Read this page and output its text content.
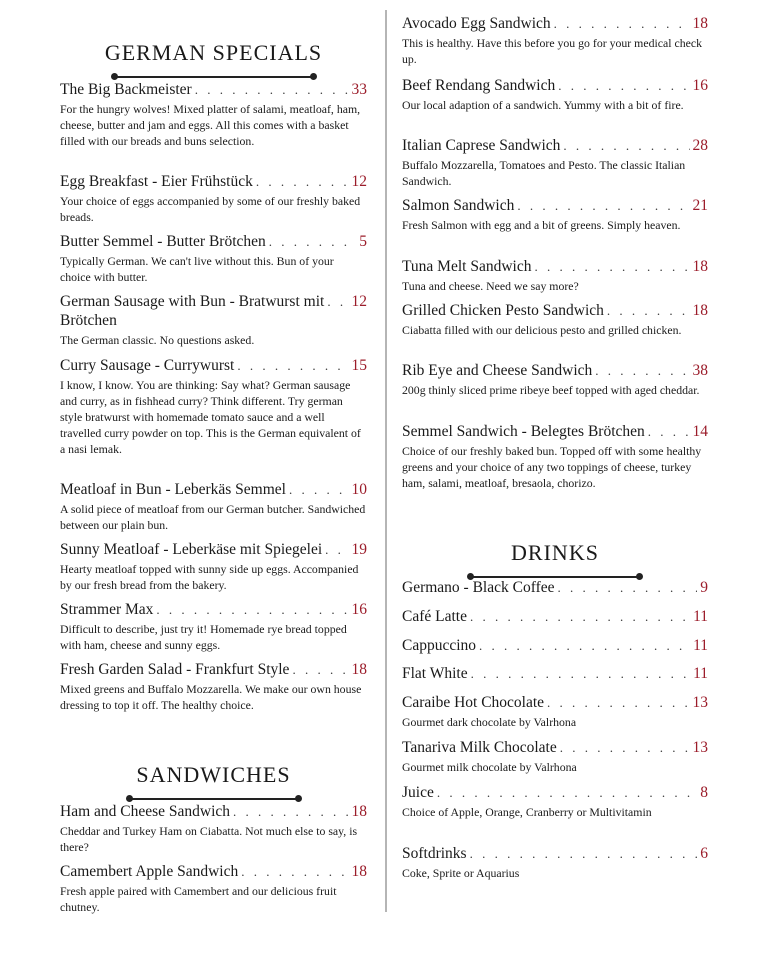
GERMAN SPECIALS
The Big Backmeister . . .	33
For the hungry wolves! Mixed platter of salami, meatloaf, ham, cheese, butter and jam and eggs. All this comes with a basket filled with our breads and buns selection.
Egg Breakfast - Eier Frühstück . . .	12
Your choice of eggs accompanied by some of our freshly baked breads.
Butter Semmel - Butter Brötchen . . .	5
Typically German. We can't live without this. Bun of your choice with butter.
German Sausage with Bun - Bratwurst mit . . . 12
Brötchen
The German classic. No questions asked.
Curry Sausage - Currywurst . . .	15
I know, I know. You are thinking: Say what? German sausage and curry, as in fishhead curry? Think different. Try german style bratwurst with homemade tomato sauce and a well travelled curry powder on top. This is the German equivalent of a nasi lemak.
Meatloaf in Bun - Leberkäs Semmel . . .	10
A solid piece of meatloaf from our German butcher. Sandwiched between our plain bun.
Sunny Meatloaf - Leberkäse mit Spiegelei . . . 19
Hearty meatloaf topped with sunny side up eggs. Accompanied by our fresh bread from the bakery.
Strammer Max . . .	16
Difficult to describe, just try it! Homemade rye bread topped with ham, cheese and sunny eggs.
Fresh Garden Salad - Frankfurt Style . . .	18
Mixed greens and Buffalo Mozzarella. We make our own house dressing to top it off. The healthy choice.
SANDWICHES
Ham and Cheese Sandwich . . .	18
Cheddar and Turkey Ham on Ciabatta. Not much else to say, is there?
Camembert Apple Sandwich . . .	18
Fresh apple paired with Camembert and our delicious fruit chutney.
Avocado Egg Sandwich . . .	18
This is healthy. Have this before you go for your medical check up.
Beef Rendang Sandwich . . .	16
Our local adaption of a sandwich. Yummy with a bit of fire.
Italian Caprese Sandwich . . .	28
Buffalo Mozzarella, Tomatoes and Pesto. The classic Italian Sandwich.
Salmon Sandwich . . .	21
Fresh Salmon with egg and a bit of greens. Simply heaven.
Tuna Melt Sandwich . . .	18
Tuna and cheese. Need we say more?
Grilled Chicken Pesto Sandwich . . .	18
Ciabatta filled with our delicious pesto and grilled chicken.
Rib Eye and Cheese Sandwich . . .	38
200g thinly sliced prime ribeye beef topped with aged cheddar.
Semmel Sandwich - Belegtes Brötchen . . .	14
Choice of our freshly baked bun. Topped off with some healthy greens and your choice of any two toppings of cheese, turkey ham, salami, meatloaf, bresaola, chorizo.
DRINKS
Germano - Black Coffee . . .	9
Café Latte . . .	11
Cappuccino . . .	11
Flat White . . .	11
Caraibe Hot Chocolate . . .	13
Gourmet dark chocolate by Valrhona
Tanariva Milk Chocolate . . .	13
Gourmet milk chocolate by Valrhona
Juice . . .	8
Choice of Apple, Orange, Cranberry or Multivitamin
Softdrinks . . .	6
Coke, Sprite or Aquarius
